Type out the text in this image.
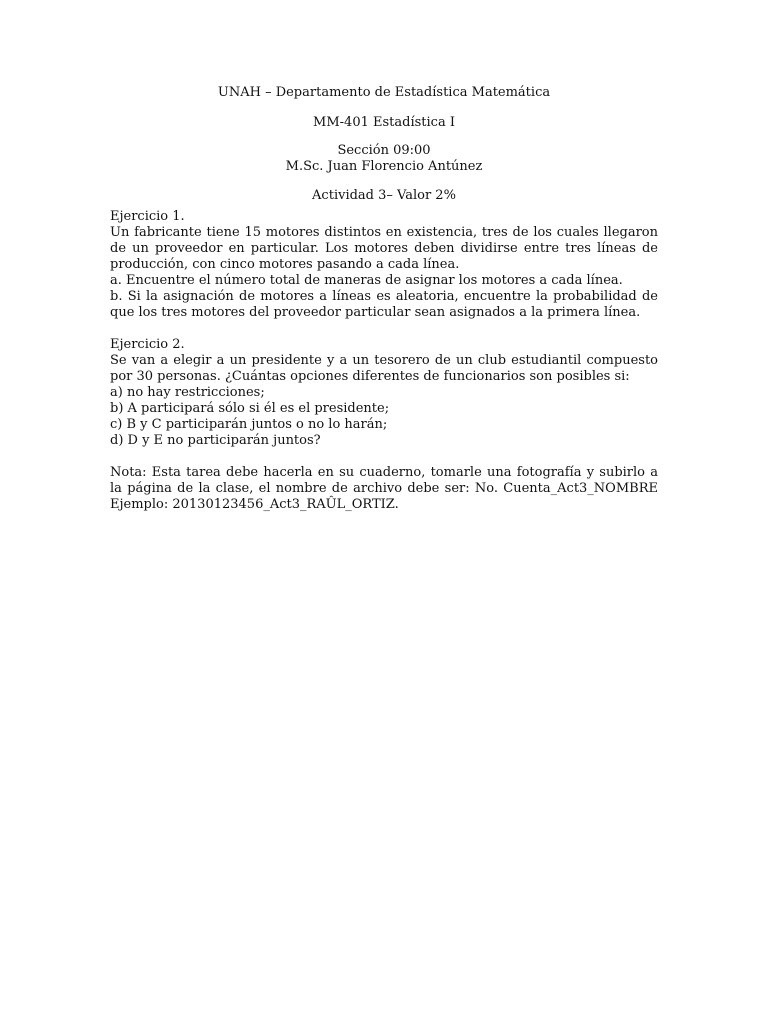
UNAH – Departamento de Estadística Matemática
MM-401 Estadística I
Sección 09:00
M.Sc. Juan Florencio Antúnez
Actividad 3– Valor 2%
Ejercicio 1.
Un fabricante tiene 15 motores distintos en existencia, tres de los cuales llegaron de un proveedor en particular. Los motores deben dividirse entre tres líneas de producción, con cinco motores pasando a cada línea.
a. Encuentre el número total de maneras de asignar los motores a cada línea.
b. Si la asignación de motores a líneas es aleatoria, encuentre la probabilidad de que los tres motores del proveedor particular sean asignados a la primera línea.
Ejercicio 2.
Se van a elegir a un presidente y a un tesorero de un club estudiantil compuesto por 30 personas. ¿Cuántas opciones diferentes de funcionarios son posibles si:
a) no hay restricciones;
b) A participará sólo si él es el presidente;
c) B y C participarán juntos o no lo harán;
d) D y E no participarán juntos?
Nota: Esta tarea debe hacerla en su cuaderno, tomarle una fotografía y subirlo a la página de la clase, el nombre de archivo debe ser: No. Cuenta_Act3_NOMBRE Ejemplo: 20130123456_Act3_RAÛL_ORTIZ.
